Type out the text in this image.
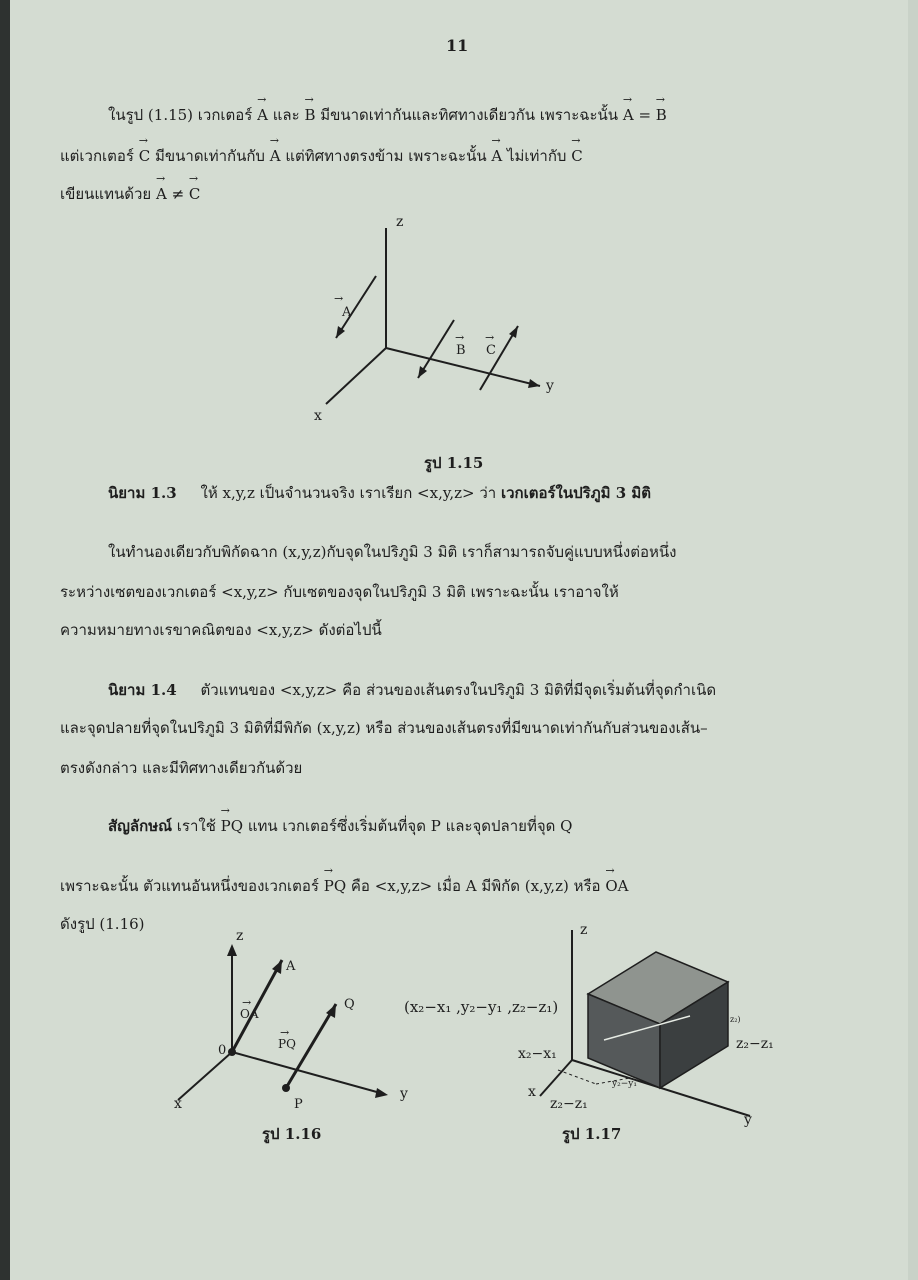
11
ในรูป (1.15) เวกเตอร์ → A และ → B มีขนาดเท่ากันและทิศทางเดียวกัน เพราะฉะนั้น → A = → B
แต่เวกเตอร์ → C มีขนาดเท่ากันกับ → A แต่ทิศทางตรงข้าม เพราะฉะนั้น → A ไม่เท่ากับ → C
เขียนแทนด้วย → A ≠ → C
z
y
x
A
→
B
→
C
→
รูป 1.15
นิยาม 1.3 ให้ x,y,z เป็นจำนวนจริง เราเรียก <x,y,z> ว่า เวกเตอร์ในปริภูมิ 3 มิติ
ในทำนองเดียวกับพิกัดฉาก (x,y,z)กับจุดในปริภูมิ 3 มิติ เราก็สามารถจับคู่แบบหนึ่งต่อหนึ่ง
ระหว่างเซตของเวกเตอร์ <x,y,z> กับเซตของจุดในปริภูมิ 3 มิติ เพราะฉะนั้น เราอาจให้
ความหมายทางเรขาคณิตของ <x,y,z> ดังต่อไปนี้
นิยาม 1.4 ตัวแทนของ <x,y,z> คือ ส่วนของเส้นตรงในปริภูมิ 3 มิติที่มีจุดเริ่มต้นที่จุดกำเนิด
และจุดปลายที่จุดในปริภูมิ 3 มิติที่มีพิกัด (x,y,z) หรือ ส่วนของเส้นตรงที่มีขนาดเท่ากันกับส่วนของเส้น–
ตรงดังกล่าว และมีทิศทางเดียวกันด้วย
สัญลักษณ์ เราใช้ → PQ แทน เวกเตอร์ซึ่งเริ่มต้นที่จุด P และจุดปลายที่จุด Q
เพราะฉะนั้น ตัวแทนอันหนึ่งของเวกเตอร์ → PQ คือ <x,y,z> เมื่อ A มีพิกัด (x,y,z) หรือ → OA
ดังรูป (1.16)
z
y
x
0
A
OA
→
PQ
→
P
Q
รูป 1.16
(x₂−x₁ ,y₂−y₁ ,z₂−z₁)
z
y
x
x₂−x₁
z₂−z₁
z₂−z₁
y₂−y₁
z₂)
รูป 1.17
